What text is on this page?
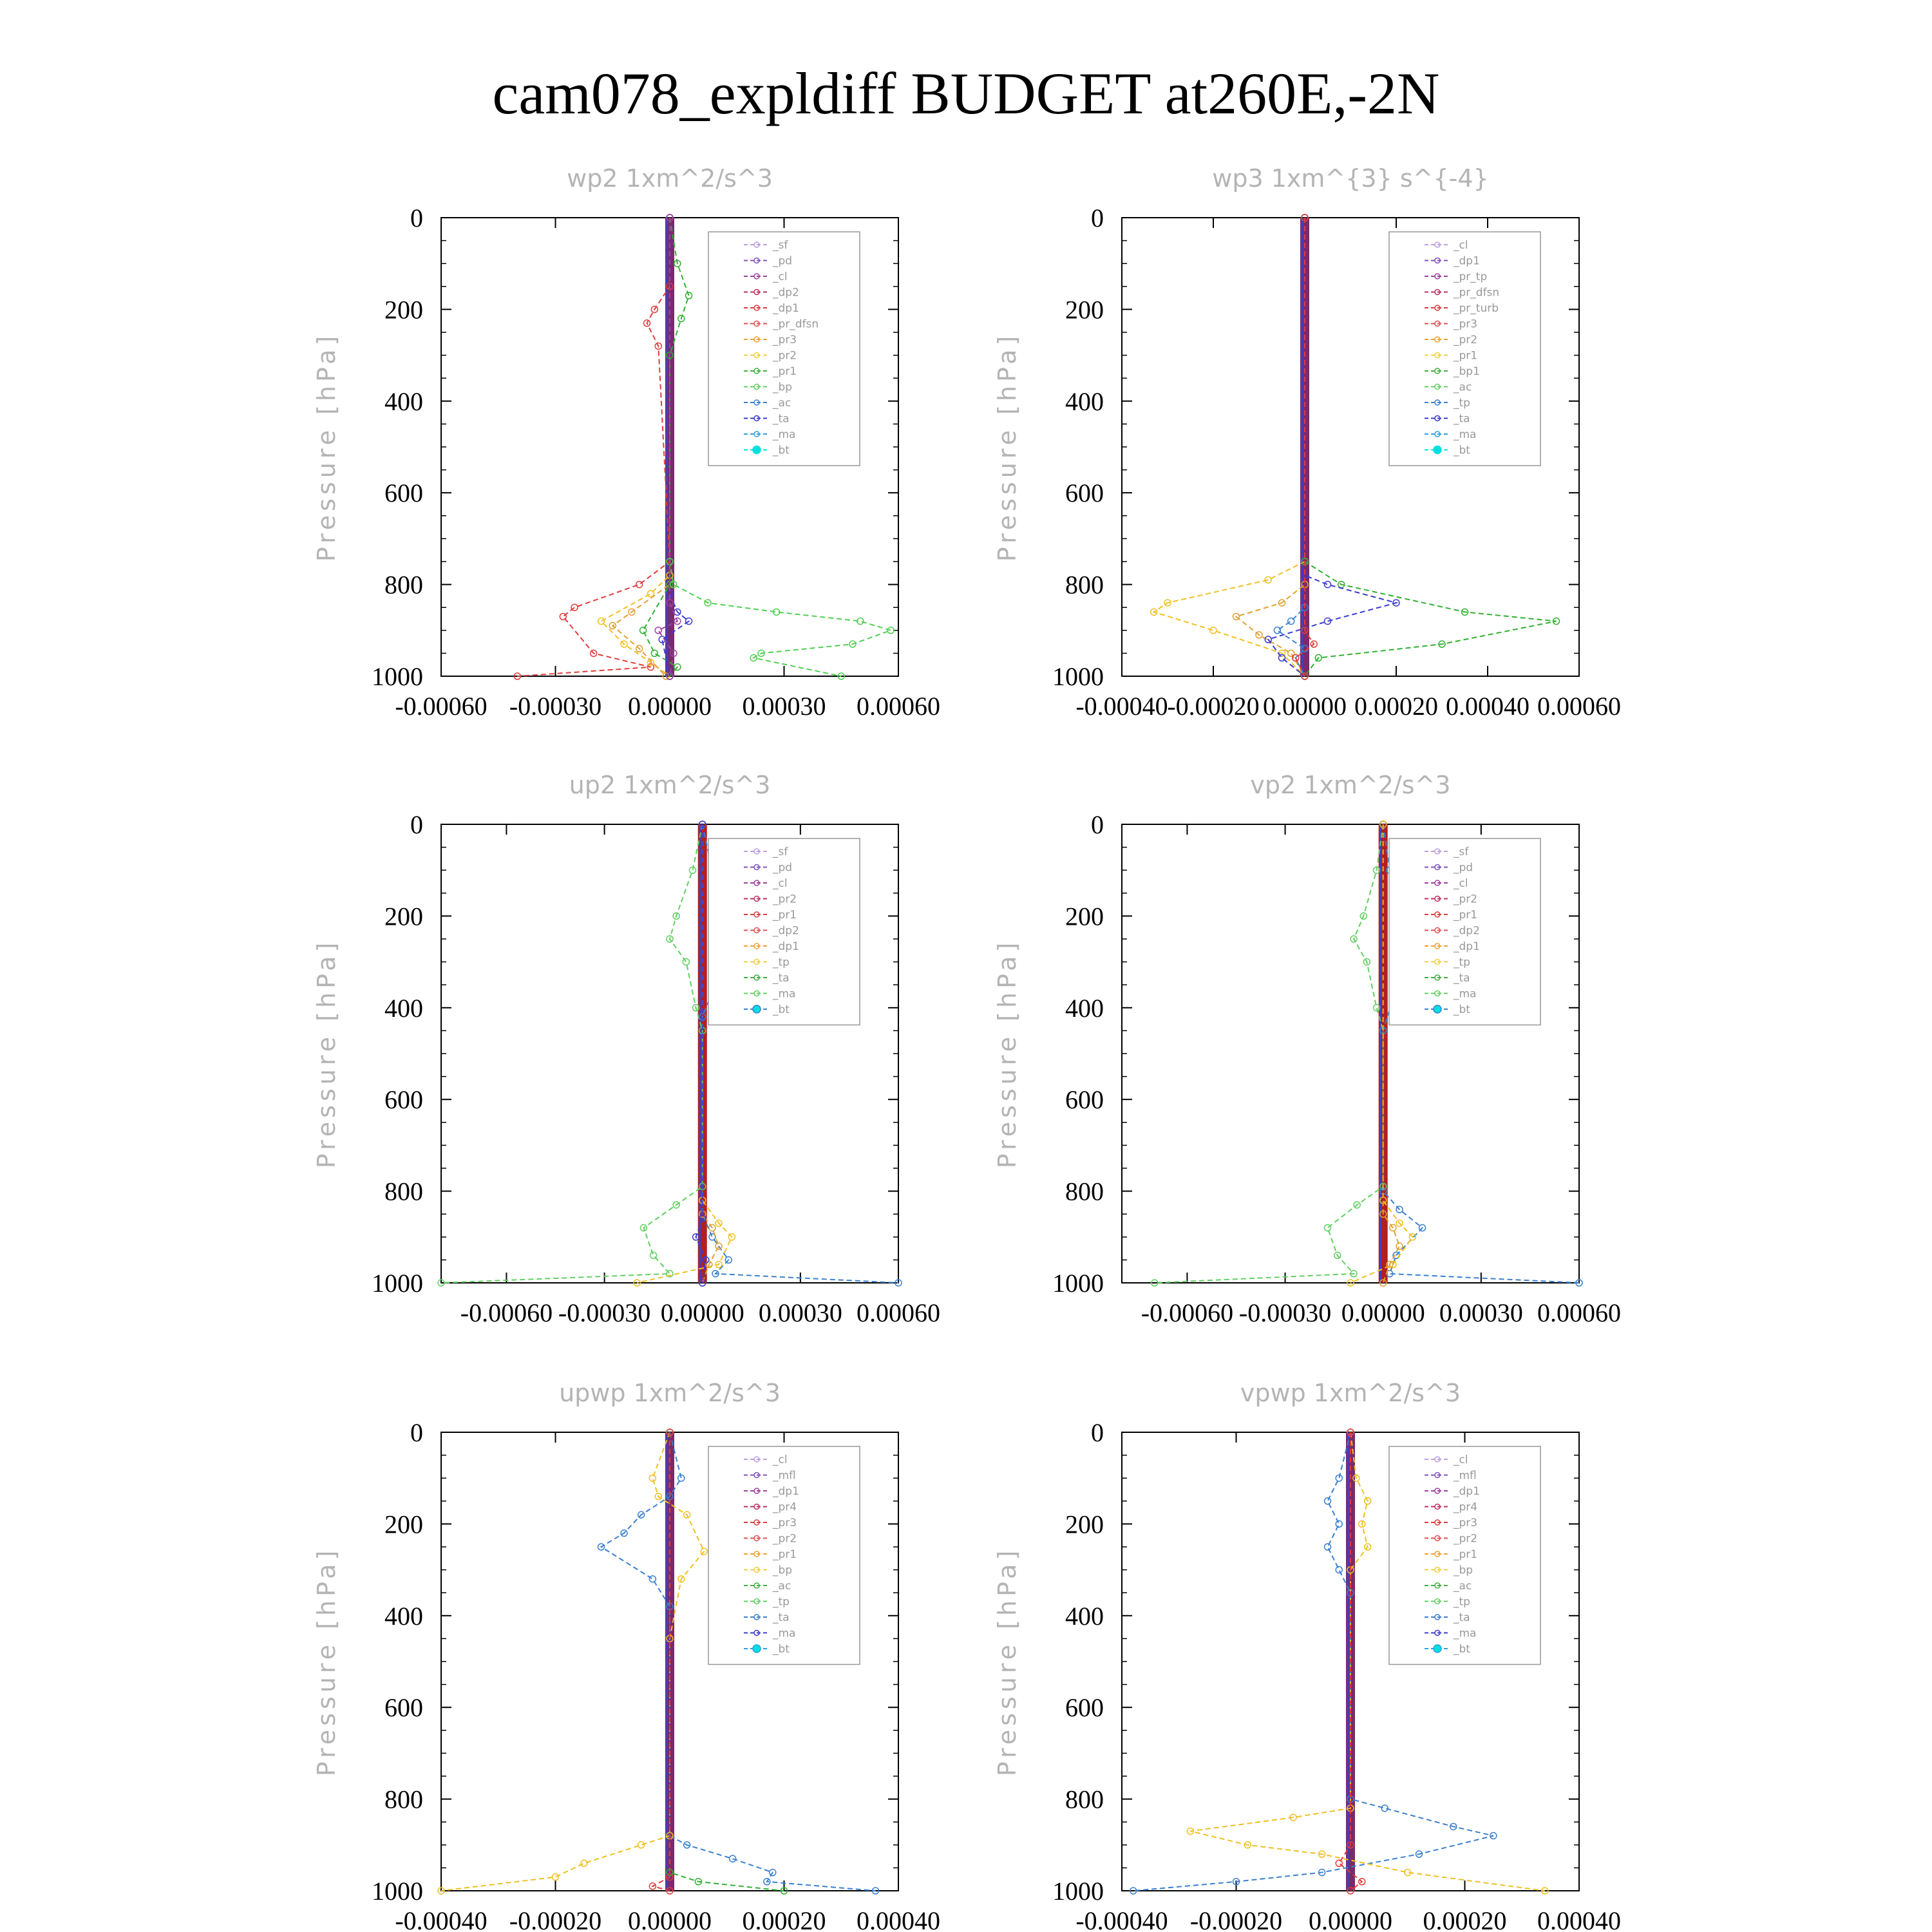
cam078_expldiff BUDGET at260E,-2N
0
200
400
600
800
1000
-0.00060 -0.00030 0.00000 0.00030 0.00060
wp2 1xm^2/s^3
Pressure [hPa]
_sf
_pd
_cl
_dp2
_dp1
_pr_dfsn
_pr3
_pr2
_pr1
_bp
_ac
_ta
_ma
_bt
0
200
400
600
800
1000
-0.00040
-0.00020 0.00000 0.00020 0.00040 0.00060
wp3 1xm^{3} s^{-4}
Pressure [hPa]
_cl
_dp1
_pr_tp
_pr_dfsn
_pr_turb
_pr3
_pr2
_pr1
_bp1
_ac
_tp
_ta
_ma
_bt
0
200
400
600
800
1000
-0.00060 -0.00030 0.00000 0.00030 0.00060
up2 1xm^2/s^3
Pressure [hPa]
_sf
_pd
_cl
_pr2
_pr1
_dp2
_dp1
_tp
_ta
_ma
_bt
0
200
400
600
800
1000
-0.00060 -0.00030 0.00000 0.00030 0.00060
vp2 1xm^2/s^3
Pressure [hPa]
_sf
_pd
_cl
_pr2
_pr1
_dp2
_dp1
_tp
_ta
_ma
_bt
0
200
400
600
800
1000
-0.00040 -0.00020 0.00000 0.00020 0.00040
upwp 1xm^2/s^3
Pressure [hPa]
_cl
_mfl
_dp1
_pr4
_pr3
_pr2
_pr1
_bp
_ac
_tp
_ta
_ma
_bt
0
200
400
600
800
1000
-0.00040 -0.00020 0.00000 0.00020 0.00040
vpwp 1xm^2/s^3
Pressure [hPa]
_cl
_mfl
_dp1
_pr4
_pr3
_pr2
_pr1
_bp
_ac
_tp
_ta
_ma
_bt
